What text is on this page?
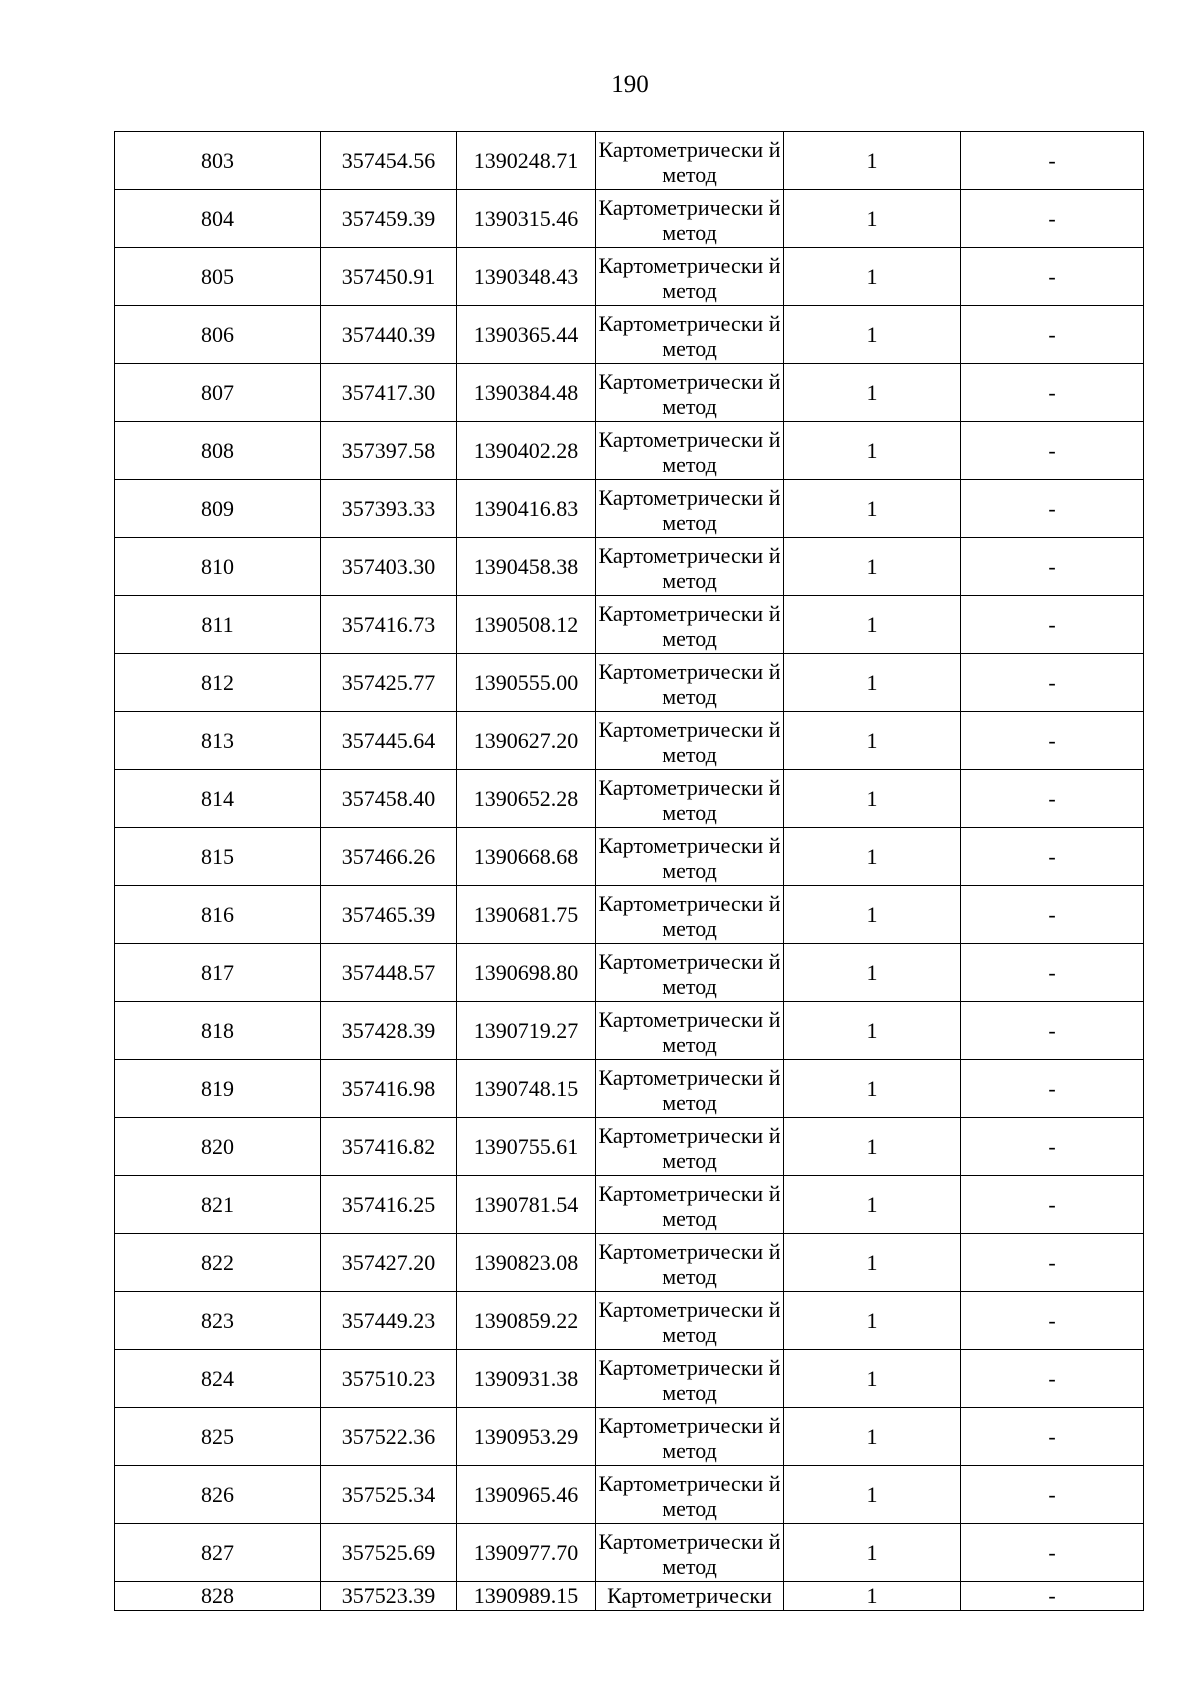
190
803	357454.56	1390248.71	Картометрически й метод	1	-
804	357459.39	1390315.46	Картометрически й метод	1	-
805	357450.91	1390348.43	Картометрически й метод	1	-
806	357440.39	1390365.44	Картометрически й метод	1	-
807	357417.30	1390384.48	Картометрически й метод	1	-
808	357397.58	1390402.28	Картометрически й метод	1	-
809	357393.33	1390416.83	Картометрически й метод	1	-
810	357403.30	1390458.38	Картометрически й метод	1	-
811	357416.73	1390508.12	Картометрически й метод	1	-
812	357425.77	1390555.00	Картометрически й метод	1	-
813	357445.64	1390627.20	Картометрически й метод	1	-
814	357458.40	1390652.28	Картометрически й метод	1	-
815	357466.26	1390668.68	Картометрически й метод	1	-
816	357465.39	1390681.75	Картометрически й метод	1	-
817	357448.57	1390698.80	Картометрически й метод	1	-
818	357428.39	1390719.27	Картометрически й метод	1	-
819	357416.98	1390748.15	Картометрически й метод	1	-
820	357416.82	1390755.61	Картометрически й метод	1	-
821	357416.25	1390781.54	Картометрически й метод	1	-
822	357427.20	1390823.08	Картометрически й метод	1	-
823	357449.23	1390859.22	Картометрически й метод	1	-
824	357510.23	1390931.38	Картометрически й метод	1	-
825	357522.36	1390953.29	Картометрически й метод	1	-
826	357525.34	1390965.46	Картометрически й метод	1	-
827	357525.69	1390977.70	Картометрически й метод	1	-
828	357523.39	1390989.15	Картометрически	1	-
